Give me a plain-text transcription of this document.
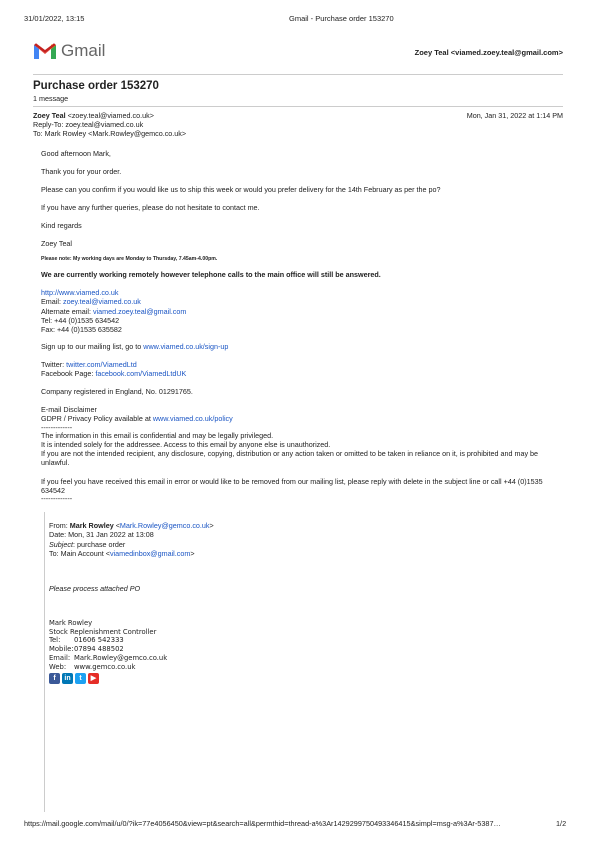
31/01/2022, 13:15	Gmail - Purchase order 153270
Gmail	Zoey Teal <viamed.zoey.teal@gmail.com>
Purchase order 153270
1 message
Zoey Teal <zoey.teal@viamed.co.uk>	Mon, Jan 31, 2022 at 1:14 PM
Reply-To: zoey.teal@viamed.co.uk
To: Mark Rowley <Mark.Rowley@gemco.co.uk>
Good afternoon Mark,
Thank you for your order.
Please can you confirm if you would like us to ship this week or would you prefer delivery for the 14th February as per the po?
If you have any further queries, please do not hesitate to contact me.
Kind regards
Zoey Teal
Please note: My working days are Monday to Thursday, 7.45am-4.00pm.
We are currently working remotely however telephone calls to the main office will still be answered.
http://www.viamed.co.uk
Email: zoey.teal@viamed.co.uk
Alternate email: viamed.zoey.teal@gmail.com
Tel: +44 (0)1535 634542
Fax: +44 (0)1535 635582
Sign up to our mailing list, go to www.viamed.co.uk/sign-up
Twitter: twitter.com/ViamedLtd
Facebook Page: facebook.com/ViamedLtdUK
Company registered in England, No. 01291765.
E-mail Disclaimer
GDPR / Privacy Policy available at www.viamed.co.uk/policy
-------------
The information in this email is confidential and may be legally privileged.
It is intended solely for the addressee. Access to this email by anyone else is unauthorized.
If you are not the intended recipient, any disclosure, copying, distribution or any action taken or omitted to be taken in reliance on it, is prohibited and may be unlawful.
If you feel you have received this email in error or would like to be removed from our mailing list, please reply with delete in the subject line or call +44 (0)1535 634542
-------------
From: Mark Rowley <Mark.Rowley@gemco.co.uk>
Date: Mon, 31 Jan 2022 at 13:08
Subject: purchase order
To: Main Account <viamedinbox@gmail.com>
Please process attached PO
Mark Rowley
Stock Replenishment Controller
Tel:	01606 542333
Mobile: 07894 488502
Email: Mark.Rowley@gemco.co.uk
Web:	www.gemco.co.uk
f	in	t	▶
https://mail.google.com/mail/u/0/?ik=77e4056450&view=pt&search=all&permthid=thread-a%3Ar1429299750493346415&simpl=msg-a%3Ar-5387…	1/2
